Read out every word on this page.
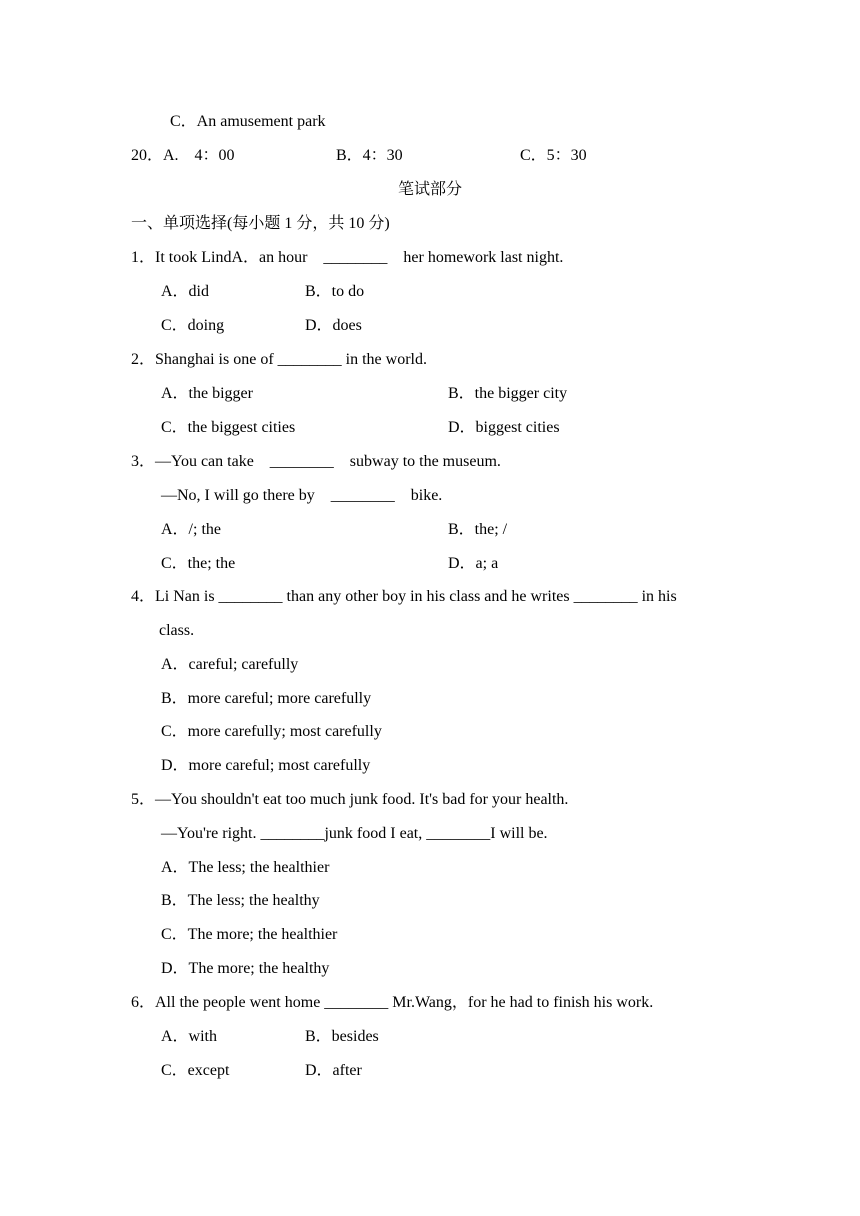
C．An amusement park
20．A.　4：00	B．4：30	C．5：30
笔试部分
一、单项选择(每小题 1 分，共 10 分)
1．It took LindA．an hour　________　her homework last night.
A．did	B．to do
C．doing	D．does
2．Shanghai is one of ________ in the world.
A．the bigger	B．the bigger city
C．the biggest cities	D．biggest cities
3．—You can take　________　subway to the museum.
—No, I will go there by　________　bike.
A．/; the	B．the; /
C．the; the	D．a; a
4．Li Nan is ________ than any other boy in his class and he writes ________ in his
class.
A．careful; carefully
B．more careful; more carefully
C．more carefully; most carefully
D．more careful; most carefully
5．—You shouldn't eat too much junk food. It's bad for your health.
—You're right. ________junk food I eat, ________I will be.
A．The less; the healthier
B．The less; the healthy
C．The more; the healthier
D．The more; the healthy
6．All the people went home ________ Mr.Wang，for he had to finish his work.
A．with	B．besides
C．except	D．after
